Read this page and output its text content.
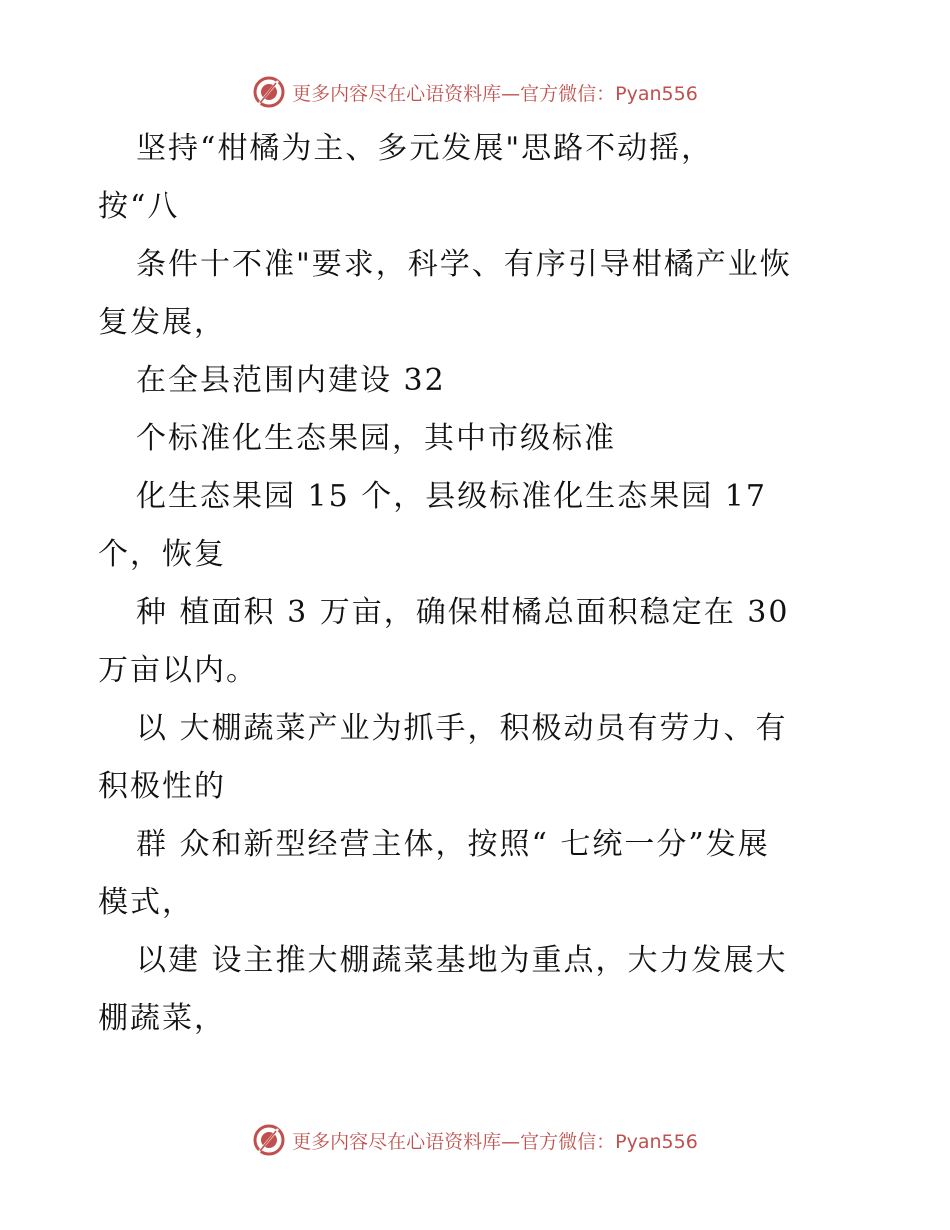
更多内容尽在心语资料库—官方微信：Pyan556
坚持“柑橘为主、多元发展"思路不动摇，
按“八
条件十不准"要求，科学、有序引导柑橘产业恢
复发展，
在全县范围内建设 32
个标准化生态果园，其中市级标准
化生态果园 15 个，县级标准化生态果园 17
个，恢复
种 植面积 3 万亩，确保柑橘总面积稳定在 30
万亩以内。
以 大棚蔬菜产业为抓手，积极动员有劳力、有
积极性的
群 众和新型经营主体，按照“ 七统一分”发展
模式，
以建 设主推大棚蔬菜基地为重点，大力发展大
棚蔬菜，
更多内容尽在心语资料库—官方微信：Pyan556
